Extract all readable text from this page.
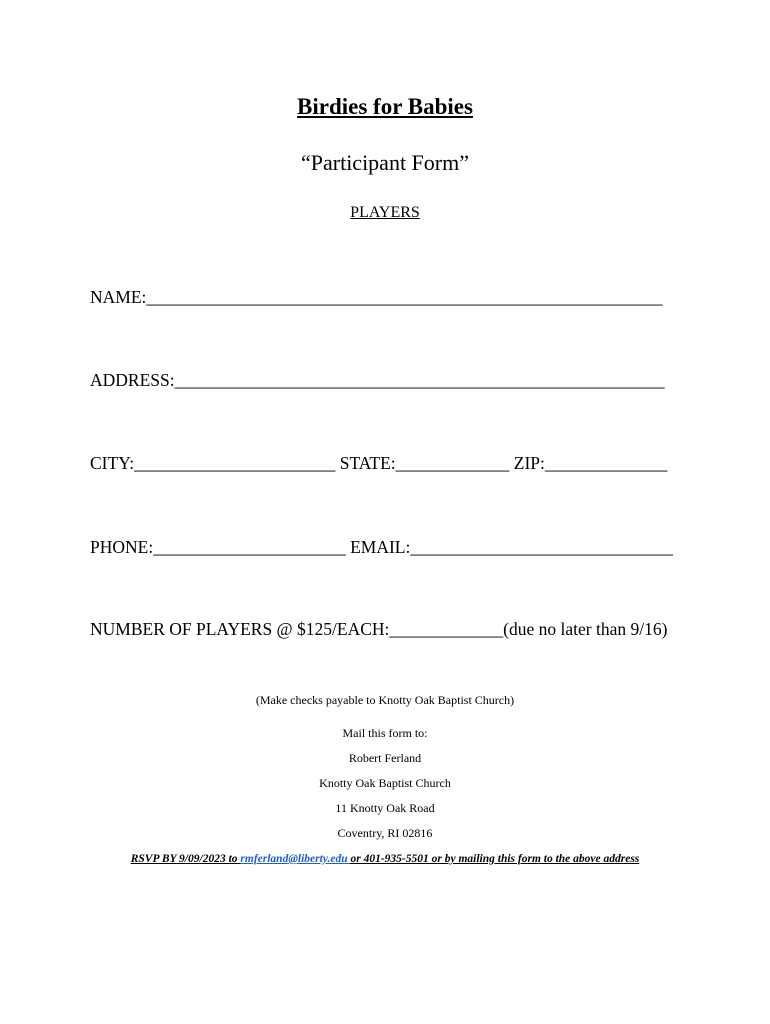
Birdies for Babies
“Participant Form”
PLAYERS
NAME:___________________________________________________________
ADDRESS:________________________________________________________
CITY:_______________________ STATE:_____________ ZIP:______________
PHONE:______________________ EMAIL:______________________________
NUMBER OF PLAYERS @ $125/EACH:_____________(due no later than 9/16)
(Make checks payable to Knotty Oak Baptist Church)
Mail this form to:
Robert Ferland
Knotty Oak Baptist Church
11 Knotty Oak Road
Coventry, RI 02816
RSVP BY 9/09/2023 to rmferland@liberty.edu or 401-935-5501 or by mailing this form to the above address
